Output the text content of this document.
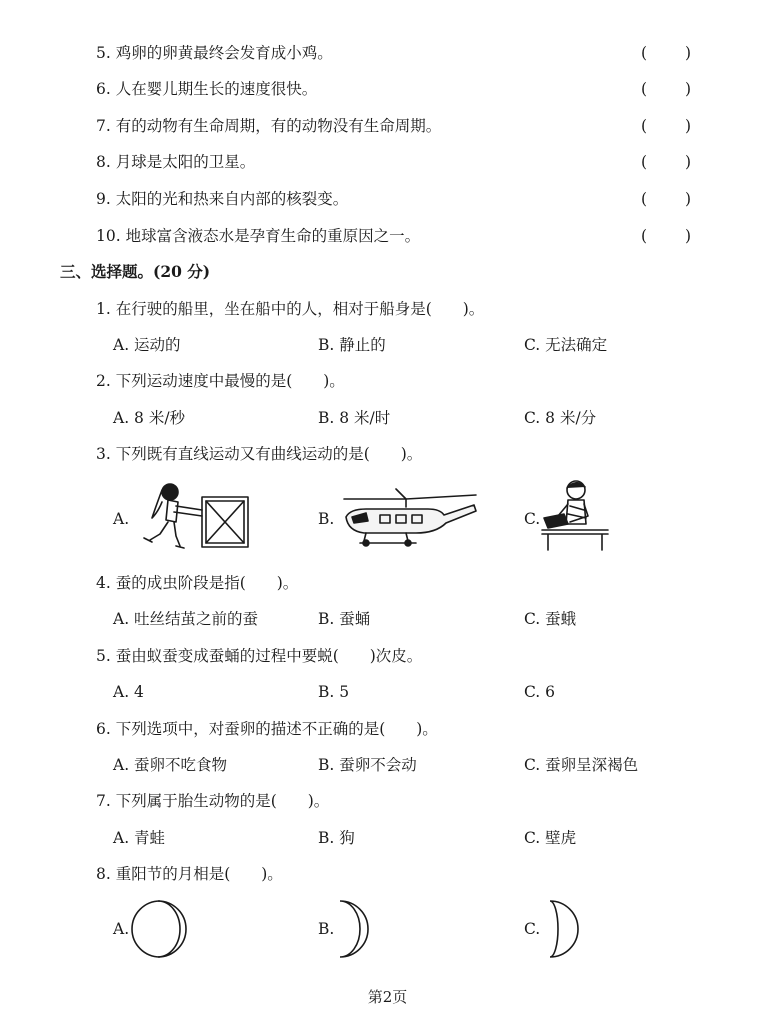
5. 鸡卵的卵黄最终会发育成小鸡。	( )
6. 人在婴儿期生长的速度很快。	( )
7. 有的动物有生命周期，有的动物没有生命周期。	( )
8. 月球是太阳的卫星。	( )
9. 太阳的光和热来自内部的核裂变。	( )
10. 地球富含液态水是孕育生命的重原因之一。	( )
三、选择题。(20 分)
1. 在行驶的船里，坐在船中的人，相对于船身是(　　)。
A. 运动的	B. 静止的	C. 无法确定
2. 下列运动速度中最慢的是(　　)。
A. 8 米/秒	B. 8 米/时	C. 8 米/分
3. 下列既有直线运动又有曲线运动的是(　　)。
A.	B.	C.
4. 蚕的成虫阶段是指(　　)。
A. 吐丝结茧之前的蚕	B. 蚕蛹	C. 蚕蛾
5. 蚕由蚁蚕变成蚕蛹的过程中要蜕(　　)次皮。
A. 4	B. 5	C. 6
6. 下列选项中，对蚕卵的描述不正确的是(　　)。
A. 蚕卵不吃食物	B. 蚕卵不会动	C. 蚕卵呈深褐色
7. 下列属于胎生动物的是(　　)。
A. 青蛙	B. 狗	C. 壁虎
8. 重阳节的月相是(　　)。
A.	B.	C.
第2页
